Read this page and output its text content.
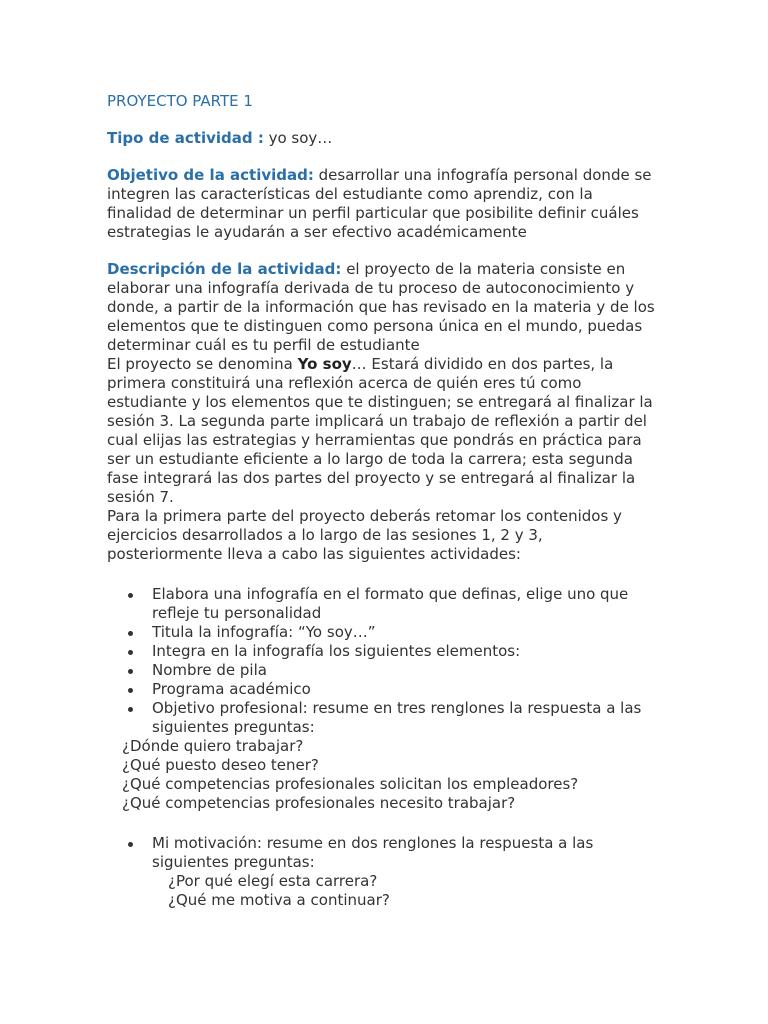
PROYECTO PARTE 1
Tipo de actividad : yo soy…
Objetivo de la actividad: desarrollar una infografía personal donde se
integren las características del estudiante como aprendiz, con la
finalidad de determinar un perfil particular que posibilite definir cuáles
estrategias le ayudarán a ser efectivo académicamente
Descripción de la actividad: el proyecto de la materia consiste en
elaborar una infografía derivada de tu proceso de autoconocimiento y
donde, a partir de la información que has revisado en la materia y de los
elementos que te distinguen como persona única en el mundo, puedas
determinar cuál es tu perfil de estudiante
El proyecto se denomina Yo soy… Estará dividido en dos partes, la
primera constituirá una reflexión acerca de quién eres tú como
estudiante y los elementos que te distinguen; se entregará al finalizar la
sesión 3. La segunda parte implicará un trabajo de reflexión a partir del
cual elijas las estrategias y herramientas que pondrás en práctica para
ser un estudiante eficiente a lo largo de toda la carrera; esta segunda
fase integrará las dos partes del proyecto y se entregará al finalizar la
sesión 7.
Para la primera parte del proyecto deberás retomar los contenidos y
ejercicios desarrollados a lo largo de las sesiones 1, 2 y 3,
posteriormente lleva a cabo las siguientes actividades:
Elabora una infografía en el formato que definas, elige uno que
refleje tu personalidad
Titula la infografía: “Yo soy…”
Integra en la infografía los siguientes elementos:
Nombre de pila
Programa académico
Objetivo profesional: resume en tres renglones la respuesta a las
siguientes preguntas:
¿Dónde quiero trabajar?
¿Qué puesto deseo tener?
¿Qué competencias profesionales solicitan los empleadores?
¿Qué competencias profesionales necesito trabajar?
Mi motivación: resume en dos renglones la respuesta a las
siguientes preguntas:
¿Por qué elegí esta carrera?
¿Qué me motiva a continuar?
